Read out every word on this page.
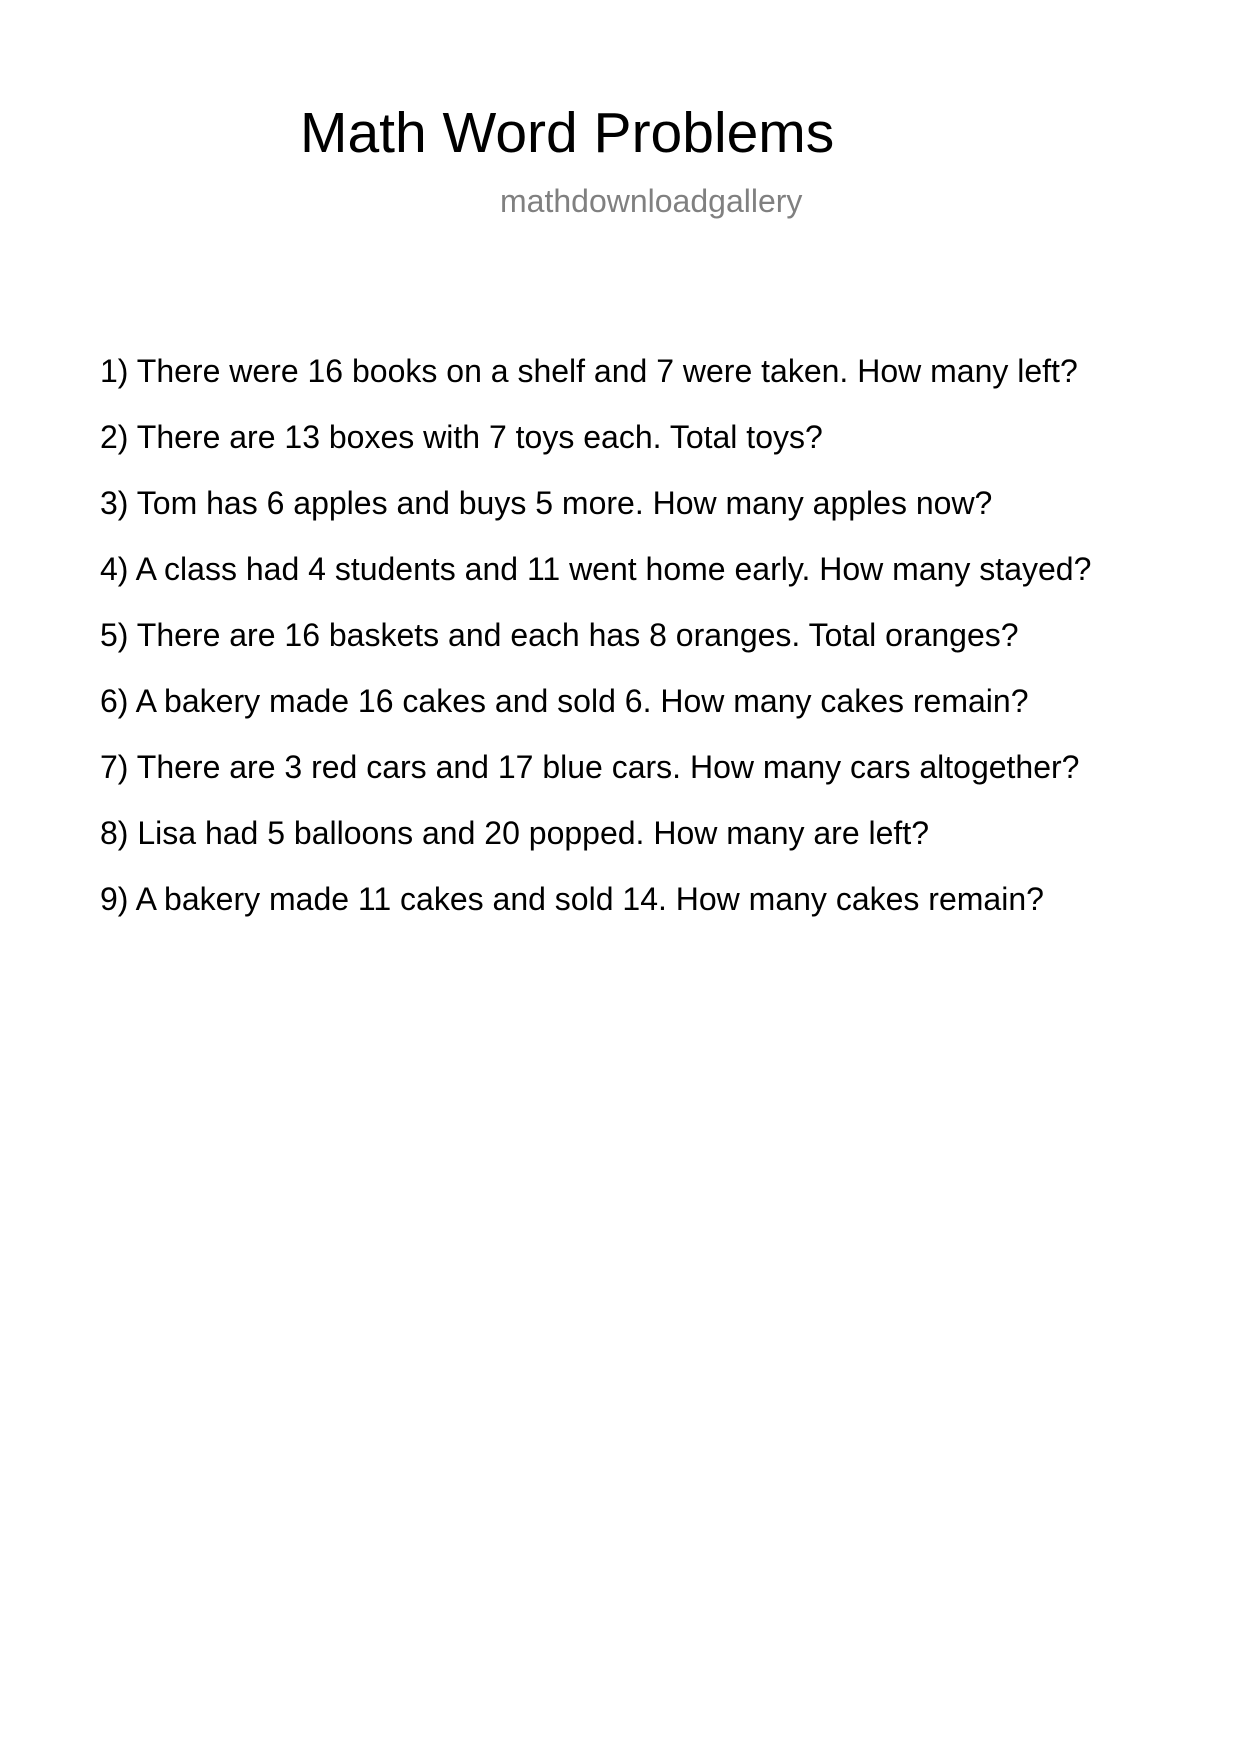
Math Word Problems
mathdownloadgallery
1) There were 16 books on a shelf and 7 were taken. How many left?
2) There are 13 boxes with 7 toys each. Total toys?
3) Tom has 6 apples and buys 5 more. How many apples now?
4) A class had 4 students and 11 went home early. How many stayed?
5) There are 16 baskets and each has 8 oranges. Total oranges?
6) A bakery made 16 cakes and sold 6. How many cakes remain?
7) There are 3 red cars and 17 blue cars. How many cars altogether?
8) Lisa had 5 balloons and 20 popped. How many are left?
9) A bakery made 11 cakes and sold 14. How many cakes remain?
